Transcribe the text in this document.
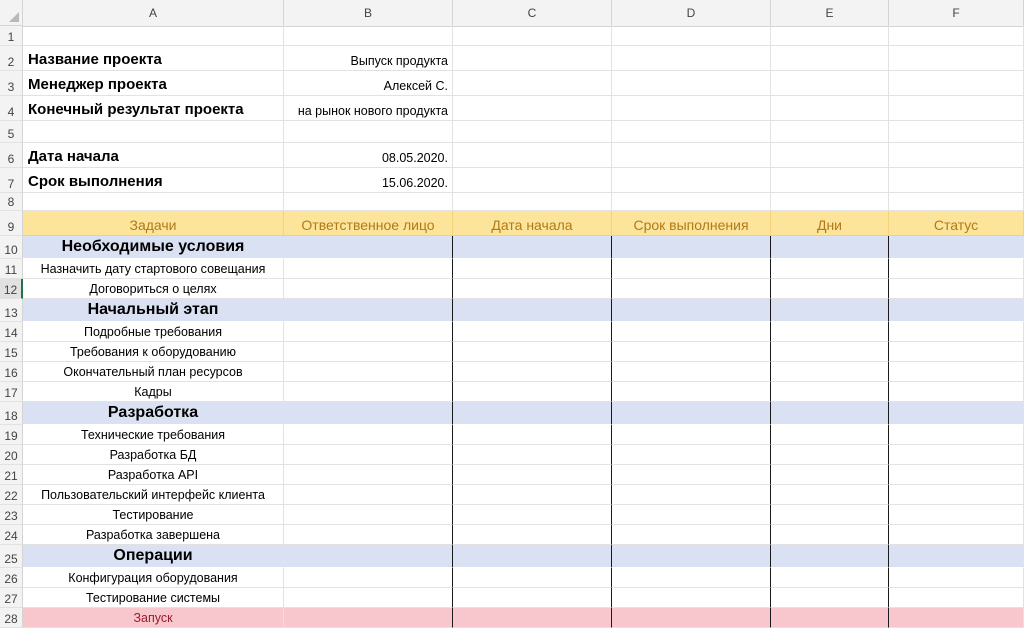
A	B	C	D	E	F
1
2 Название проекта	Выпуск продукта
3 Менеджер проекта	Алексей С.
4 Конечный результат проекта	на рынок нового продукта
5
6 Дата начала	08.05.2020.
7 Срок выполнения	15.06.2020.
8
9	Задачи	Ответственное лицо	Дата начала	Срок выполнения	Дни	Статус
10	Необходимые условия
11	Назначить дату стартового совещания
12	Договориться о целях
13	Начальный этап
14	Подробные требования
15	Требования к оборудованию
16	Окончательный план ресурсов
17	Кадры
18	Разработка
19	Технические требования
20	Разработка БД
21	Разработка API
22	Пользовательский интерфейс клиента
23	Тестирование
24	Разработка завершена
25	Операции
26	Конфигурация оборудования
27	Тестирование системы
28	Запуск
